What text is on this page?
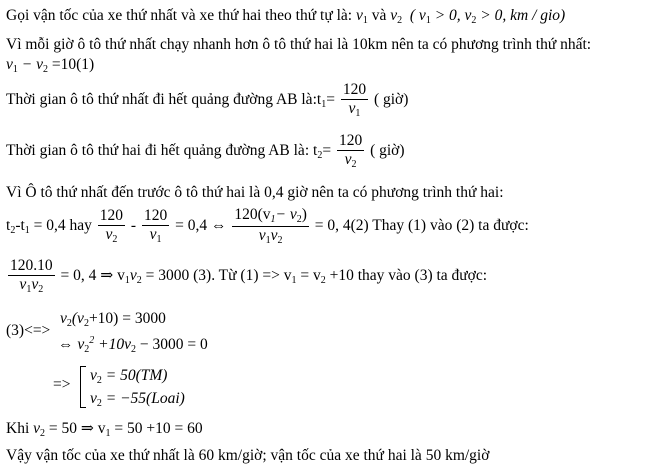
Gọi vận tốc của xe thứ nhất và xe thứ hai theo thứ tự là: $v_1$ và $v_2$ ( $v_1 > 0$, $v_2 > 0$, km / gio)
Vì mỗi giờ ô tô thứ nhất chạy nhanh hơn ô tô thứ hai là 10km nên ta có phương trình thứ nhất:
$v_1 - v_2 =10(1)$
Thời gian ô tô thứ nhất đi hết quảng đường AB $là:t_1= \frac{120}{v_1}$ ( giờ)
Thời gian ô tô thứ hai đi hết quảng đường AB là: $t_2= \frac{120}{v_2}$ ( giờ)
Vì Ô tô thứ nhất đến trước ô tô thứ hai là 0,4 giờ nên ta có phương trình thứ hai:
$t_2-t_1 = 0,4$ hay $\frac{120}{v_2} - \frac{120}{v_1} = 0,4$ ⇔ $\frac{120(v_1- v_2)}{v_1v_2} = 0$, 4(2) Thay (1) vào (2) ta được:
$\frac{120.10}{v_1v_2} = 0$, 4 ⇒ $v_1v_2 = 3000$ (3). Từ $(1) => v_1 = v_2 +10$ thay vào (3) ta được:
(3)<=>
$v_2(v_2+10) = 3000$
⇔ $v_2^2 +10v_2 - 3000 = 0$
=>
$v_2 = 50(TM)$
$v_2$ = −55(Loai)
Khi $v_2 = 50$ ⇒ $v_1 = 50 +10 = 60$
Vậy vận tốc của xe thứ nhất là 60 km/giờ; vận tốc của xe thứ hai là 50 km/giờ
